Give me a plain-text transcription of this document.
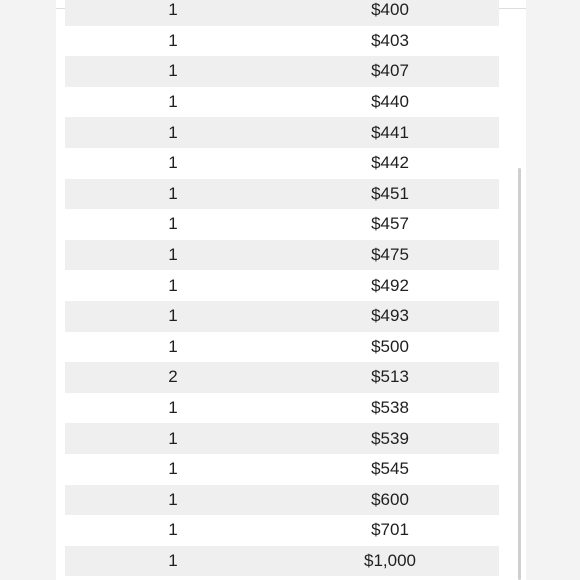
1	$400
1	$403
1	$407
1	$440
1	$441
1	$442
1	$451
1	$457
1	$475
1	$492
1	$493
1	$500
2	$513
1	$538
1	$539
1	$545
1	$600
1	$701
1	$1,000
